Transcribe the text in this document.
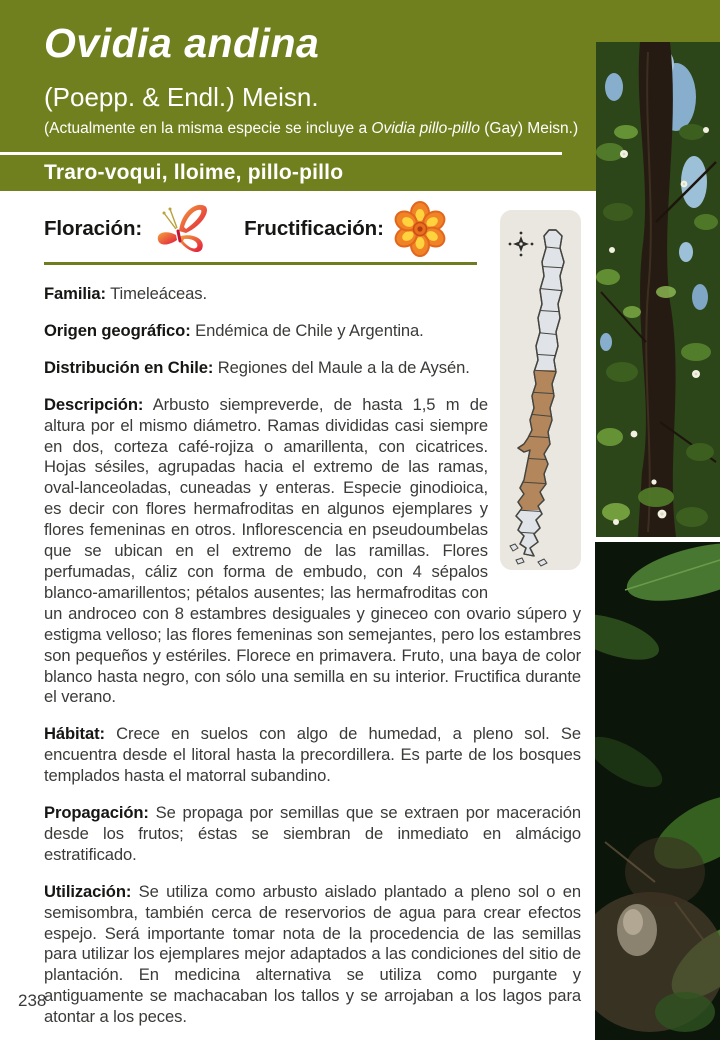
Ovidia andina
(Poepp. & Endl.) Meisn.
(Actualmente en la misma especie se incluye a Ovidia pillo-pillo (Gay) Meisn.)
Traro-voqui, lloime, pillo-pillo
Floración:	Fructificación:

Familia: Timeleáceas.

Origen geográfico: Endémica de Chile y Argentina.

Distribución en Chile: Regiones del Maule a la de Aysén.

Descripción: Arbusto siempreverde, de hasta 1,5 m de altura por el mismo diámetro. Ramas divididas casi siempre en dos, corteza café-rojiza o amarillenta, con cicatrices. Hojas sésiles, agrupadas hacia el extremo de las ramas, oval-lanceoladas, cuneadas y enteras. Especie ginodioica, es decir con flores hermafroditas en algunos ejemplares y flores femeninas en otros. Inflorescencia en pseudoumbelas que se ubican en el extremo de las ramillas. Flores perfumadas, cáliz con forma de embudo, con 4 sépalos blanco-amarillentos; pétalos ausentes; las hermafroditas con un androceo con 8 estambres desiguales y gineceo con ovario súpero y estigma velloso; las flores femeninas son semejantes, pero los estambres son pequeños y estériles. Florece en primavera. Fruto, una baya de color blanco hasta negro, con sólo una semilla en su interior. Fructifica durante el verano.

Hábitat: Crece en suelos con algo de humedad, a pleno sol. Se encuentra desde el litoral hasta la precordillera. Es parte de los bosques templados hasta el matorral subandino.

Propagación: Se propaga por semillas que se extraen por maceración desde los frutos; éstas se siembran de inmediato en almácigo estratificado.

Utilización: Se utiliza como arbusto aislado plantado a pleno sol o en semisombra, también cerca de reservorios de agua para crear efectos espejo. Será importante tomar nota de la procedencia de las semillas para utilizar los ejemplares mejor adaptados a las condiciones del sitio de plantación. En medicina alternativa se utiliza como purgante y antiguamente se machacaban los tallos y se arrojaban a los lagos para atontar a los peces.

238
